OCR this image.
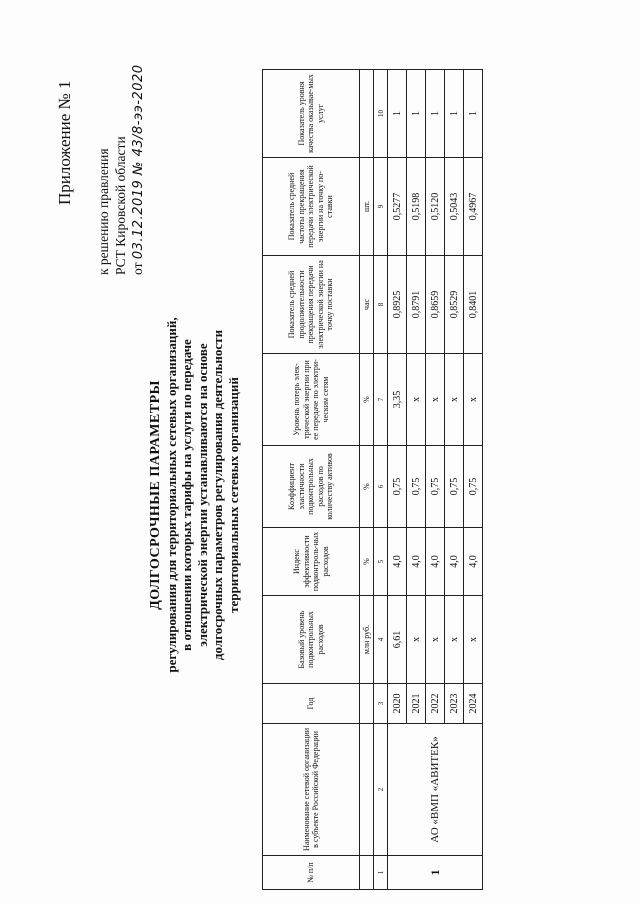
Приложение № 1
к решению правления РСТ Кировской области от 03.12.2019 № 43/8-ээ-2020
ДОЛГОСРОЧНЫЕ ПАРАМЕТРЫ регулирования для территориальных сетевых организаций, в отношении которых тарифы на услуги по передаче электрической энергии устанавливаются на основе долгосрочных параметров регулирования деятельности территориальных сетевых организаций
№ п/п	Наименование сетевой организации в субъекте Российской Федерации	Год	Базовый уровень подконтрольных расходов	Индекс эффективности подконтроль-ных расходов	Коэффициент эластичности подконтрольных расходов по количеству активов	Уровень потерь элек-трической энергии при ее передаче по электри-ческим сетям	Показатель средней продолжительности прекращения передачи электрической энергии на точку поставки	Показатель средней частоты прекращения передачи электрической энергии на точку по-ставки	Показатель уровня качества оказывае-мых услуг
			млн руб.	%	%	%	час	шт.	
1	2	3	4	5	6	7	8	9	10
1	АО «ВМП «АВИТЕК»	2020	6,61	4,0	0,75	3,35	0,8925	0,5277	1
		2021	x	4,0	0,75	x	0,8791	0,5198	1
		2022	x	4,0	0,75	x	0,8659	0,5120	1
		2023	x	4,0	0,75	x	0,8529	0,5043	1
		2024	x	4,0	0,75	x	0,8401	0,4967	1
